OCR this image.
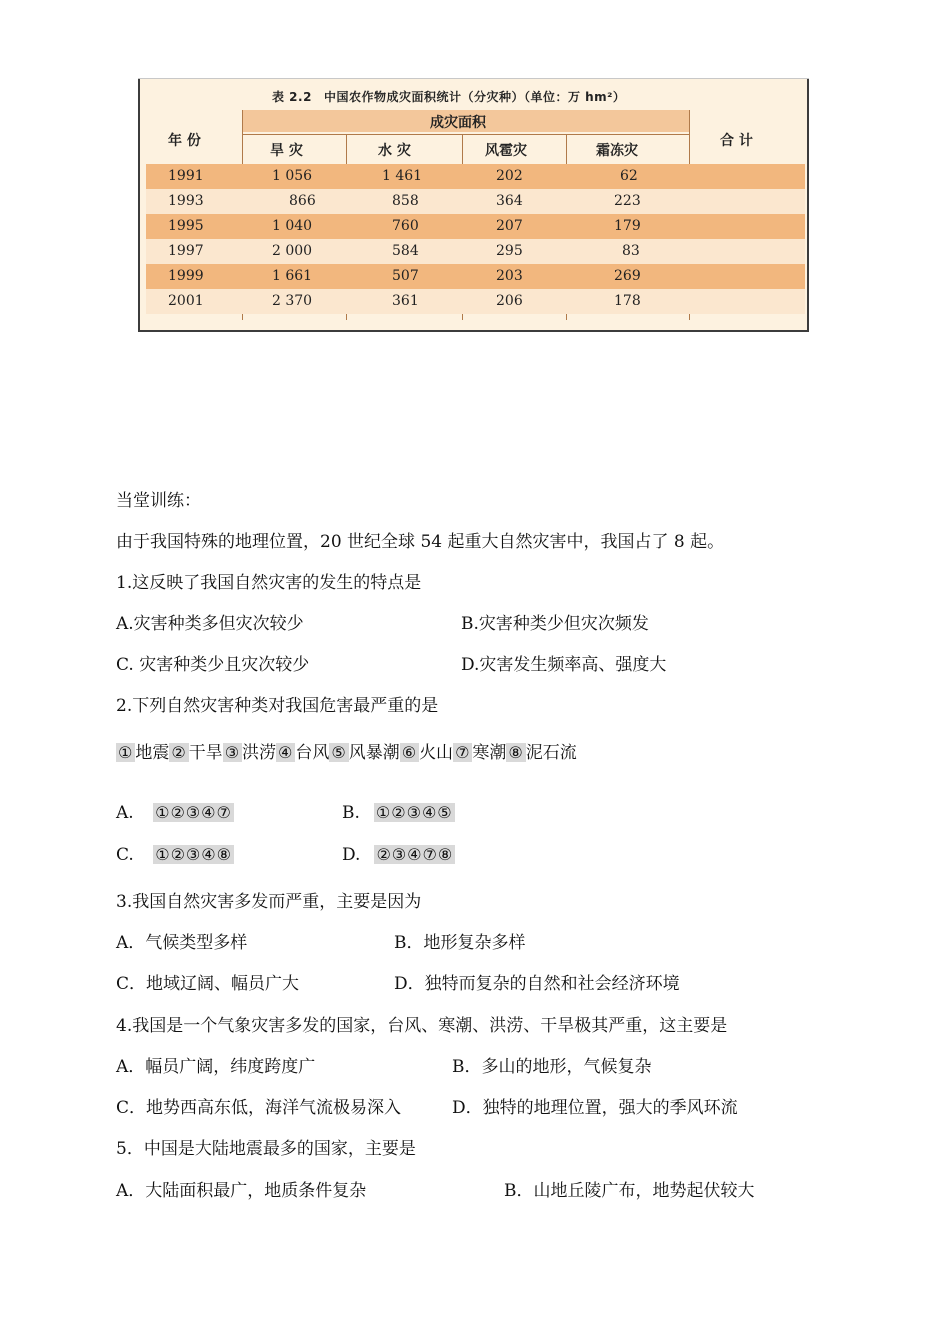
表 2.2 中国农作物成灾面积统计（分灾种）（单位：万 hm²）
年 份
成灾面积
旱 灾	水 灾	风雹灾	霜冻灾
合 计
1991	1 056	1 461	202	62
1993	866	858	364	223
1995	1 040	760	207	179
1997	2 000	584	295	83
1999	1 661	507	203	269
2001	2 370	361	206	178
当堂训练：
由于我国特殊的地理位置，20 世纪全球 54 起重大自然灾害中，我国占了 8 起。
1.这反映了我国自然灾害的发生的特点是
A.灾害种类多但灾次较少	B.灾害种类少但灾次频发
C. 灾害种类少且灾次较少	D.灾害发生频率高、强度大
2.下列自然灾害种类对我国危害最严重的是
① 地震 ② 干旱 ③ 洪涝 ④ 台风 ⑤ 风暴潮 ⑥ 火山 ⑦ 寒潮 ⑧ 泥石流
A. ①②③④⑦	B. ①②③④⑤
C. ①②③④⑧	D. ②③④⑦⑧
3.我国自然灾害多发而严重，主要是因为
A．气候类型多样	B．地形复杂多样
C．地域辽阔、幅员广大	D．独特而复杂的自然和社会经济环境
4.我国是一个气象灾害多发的国家，台风、寒潮、洪涝、干旱极其严重，这主要是
A．幅员广阔，纬度跨度广	B．多山的地形，气候复杂
C．地势西高东低，海洋气流极易深入	D．独特的地理位置，强大的季风环流
5．中国是大陆地震最多的国家，主要是
A．大陆面积最广，地质条件复杂	B．山地丘陵广布，地势起伏较大
